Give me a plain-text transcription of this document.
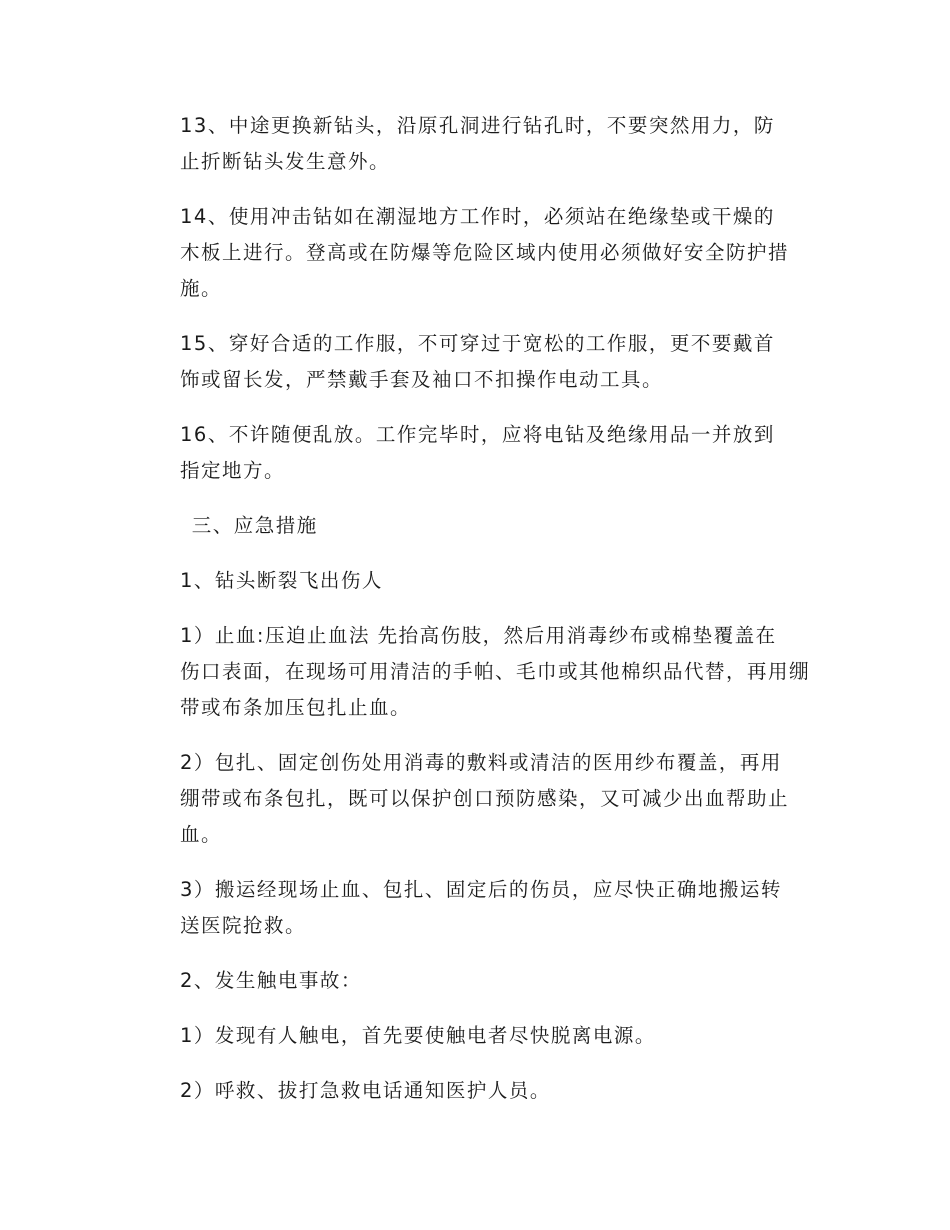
13、中途更换新钻头，沿原孔洞进行钻孔时，不要突然用力，防
止折断钻头发生意外。
14、使用冲击钻如在潮湿地方工作时，必须站在绝缘垫或干燥的
木板上进行。登高或在防爆等危险区域内使用必须做好安全防护措
施。
15、穿好合适的工作服，不可穿过于宽松的工作服，更不要戴首
饰或留长发，严禁戴手套及袖口不扣操作电动工具。
16、不许随便乱放。工作完毕时，应将电钻及绝缘用品一并放到
指定地方。
三、应急措施
1、钻头断裂飞出伤人
1）止血:压迫止血法 先抬高伤肢，然后用消毒纱布或棉垫覆盖在
伤口表面，在现场可用清洁的手帕、毛巾或其他棉织品代替，再用绷
带或布条加压包扎止血。
2）包扎、固定创伤处用消毒的敷料或清洁的医用纱布覆盖，再用
绷带或布条包扎，既可以保护创口预防感染，又可减少出血帮助止
血。
3）搬运经现场止血、包扎、固定后的伤员，应尽快正确地搬运转
送医院抢救。
2、发生触电事故：
1）发现有人触电，首先要使触电者尽快脱离电源。
2）呼救、拔打急救电话通知医护人员。
